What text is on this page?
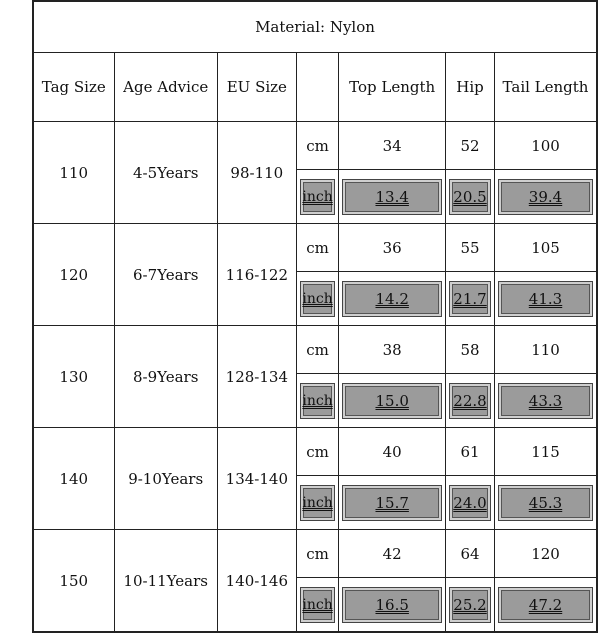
Material: Nylon						
Tag Size	Age Advice	EU Size		Top Length	Hip	Tail Length
110	4-5Years	98-110	cm	34	52	100

inch	13.4	20.5	39.4

120	6-7Years	116-122	cm	36	55	105

inch	14.2	21.7	41.3

130	8-9Years	128-134	cm	38	58	110

inch	15.0	22.8	43.3

140	9-10Years	134-140	cm	40	61	115

inch	15.7	24.0	45.3

150	10-11Years	140-146	cm	42	64	120

inch	16.5	25.2	47.2
